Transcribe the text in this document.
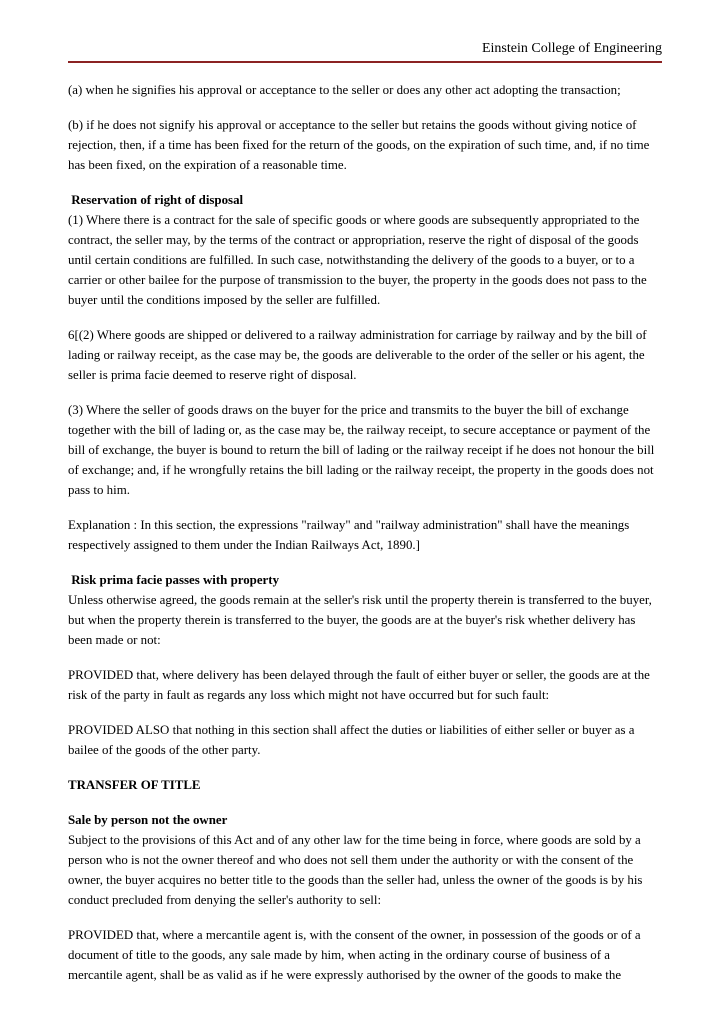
Einstein College of Engineering
(a) when he signifies his approval or acceptance to the seller or does any other act adopting the transaction;
(b) if he does not signify his approval or acceptance to the seller but retains the goods without giving notice of rejection, then, if a time has been fixed for the return of the goods, on the expiration of such time, and, if no time has been fixed, on the expiration of a reasonable time.
Reservation of right of disposal
(1) Where there is a contract for the sale of specific goods or where goods are subsequently appropriated to the contract, the seller may, by the terms of the contract or appropriation, reserve the right of disposal of the goods until certain conditions are fulfilled. In such case, notwithstanding the delivery of the goods to a buyer, or to a carrier or other bailee for the purpose of transmission to the buyer, the property in the goods does not pass to the buyer until the conditions imposed by the seller are fulfilled.
6[(2) Where goods are shipped or delivered to a railway administration for carriage by railway and by the bill of lading or railway receipt, as the case may be, the goods are deliverable to the order of the seller or his agent, the seller is prima facie deemed to reserve right of disposal.
(3) Where the seller of goods draws on the buyer for the price and transmits to the buyer the bill of exchange together with the bill of lading or, as the case may be, the railway receipt, to secure acceptance or payment of the bill of exchange, the buyer is bound to return the bill of lading or the railway receipt if he does not honour the bill of exchange; and, if he wrongfully retains the bill lading or the railway receipt, the property in the goods does not pass to him.
Explanation : In this section, the expressions "railway" and "railway administration" shall have the meanings respectively assigned to them under the Indian Railways Act, 1890.]
Risk prima facie passes with property
Unless otherwise agreed, the goods remain at the seller's risk until the property therein is transferred to the buyer, but when the property therein is transferred to the buyer, the goods are at the buyer's risk whether delivery has been made or not:
PROVIDED that, where delivery has been delayed through the fault of either buyer or seller, the goods are at the risk of the party in fault as regards any loss which might not have occurred but for such fault:
PROVIDED ALSO that nothing in this section shall affect the duties or liabilities of either seller or buyer as a bailee of the goods of the other party.
TRANSFER OF TITLE
Sale by person not the owner
Subject to the provisions of this Act and of any other law for the time being in force, where goods are sold by a person who is not the owner thereof and who does not sell them under the authority or with the consent of the owner, the buyer acquires no better title to the goods than the seller had, unless the owner of the goods is by his conduct precluded from denying the seller's authority to sell:
PROVIDED that, where a mercantile agent is, with the consent of the owner, in possession of the goods or of a document of title to the goods, any sale made by him, when acting in the ordinary course of business of a mercantile agent, shall be as valid as if he were expressly authorised by the owner of the goods to make the
